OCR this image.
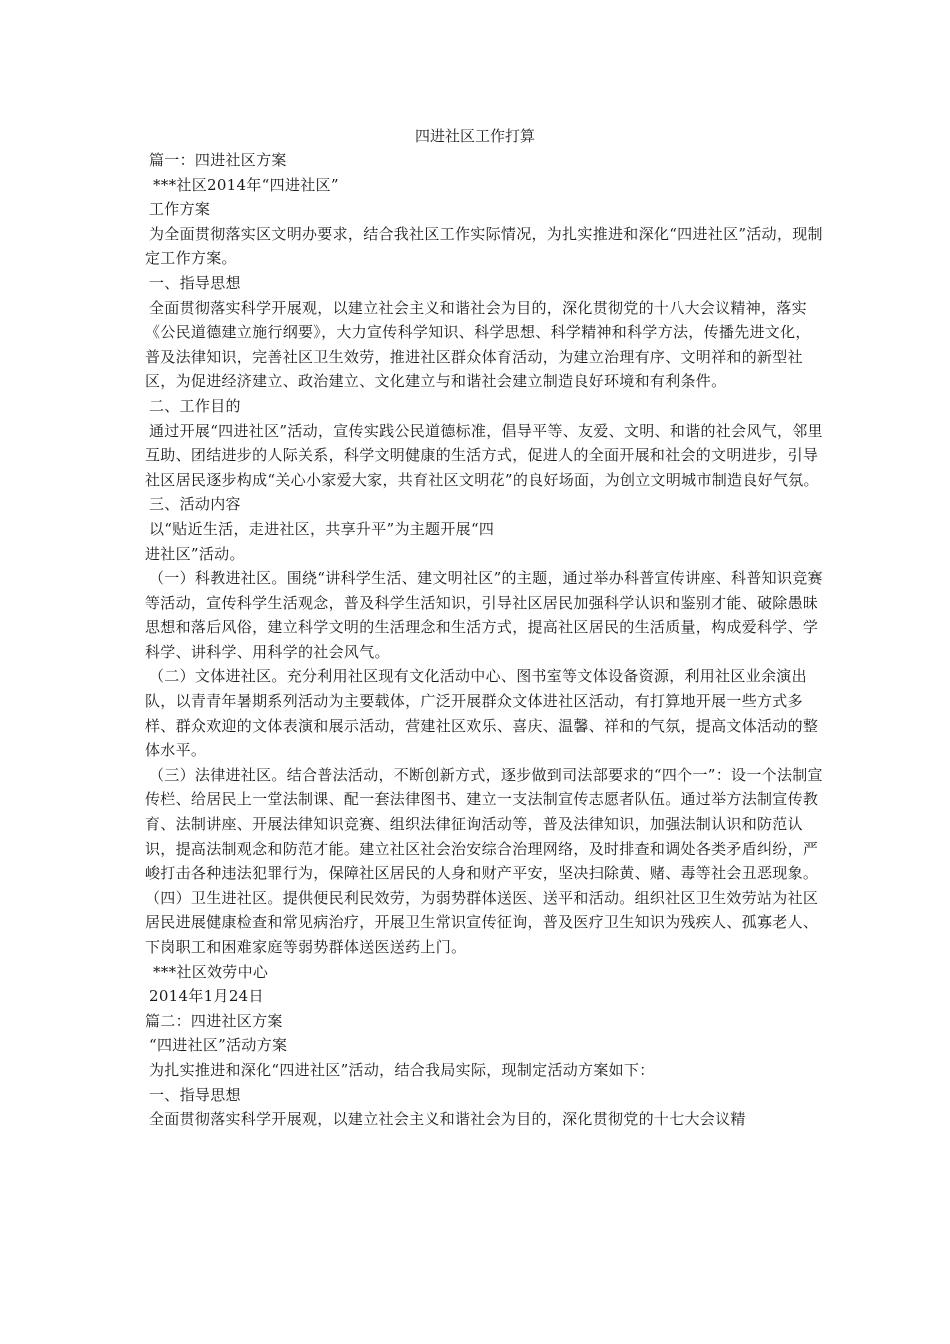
四进社区工作打算

篇一：四进社区方案

***社区2014年“四进社区”

工作方案

为全面贯彻落实区文明办要求，结合我社区工作实际情况，为扎实推进和深化“四进社区”活动，现制定工作方案。

一、指导思想

全面贯彻落实科学开展观，以建立社会主义和谐社会为目的，深化贯彻党的十八大会议精神，落实《公民道德建立施行纲要》，大力宣传科学知识、科学思想、科学精神和科学方法，传播先进文化，普及法律知识，完善社区卫生效劳，推进社区群众体育活动，为建立治理有序、文明祥和的新型社区，为促进经济建立、政治建立、文化建立与和谐社会建立制造良好环境和有利条件。

二、工作目的

通过开展“四进社区”活动，宣传实践公民道德标准，倡导平等、友爱、文明、和谐的社会风气，邻里互助、团结进步的人际关系，科学文明健康的生活方式，促进人的全面开展和社会的文明进步，引导社区居民逐步构成“关心小家爱大家，共育社区文明花”的良好场面，为创立文明城市制造良好气氛。

三、活动内容

以“贴近生活，走进社区，共享升平”为主题开展“四

进社区”活动。

（一）科教进社区。围绕“讲科学生活、建文明社区”的主题，通过举办科普宣传讲座、科普知识竞赛等活动，宣传科学生活观念，普及科学生活知识，引导社区居民加强科学认识和鉴别才能、破除愚昧思想和落后风俗，建立科学文明的生活理念和生活方式，提高社区居民的生活质量，构成爱科学、学科学、讲科学、用科学的社会风气。

（二）文体进社区。充分利用社区现有文化活动中心、图书室等文体设备资源，利用社区业余演出队，以青青年暑期系列活动为主要载体，广泛开展群众文体进社区活动，有打算地开展一些方式多样、群众欢迎的文体表演和展示活动，营建社区欢乐、喜庆、温馨、祥和的气氛，提高文体活动的整体水平。

（三）法律进社区。结合普法活动，不断创新方式，逐步做到司法部要求的“四个一”：设一个法制宣传栏、给居民上一堂法制课、配一套法律图书、建立一支法制宣传志愿者队伍。通过举方法制宣传教育、法制讲座、开展法律知识竞赛、组织法律征询活动等，普及法律知识，加强法制认识和防范认识，提高法制观念和防范才能。建立社区社会治安综合治理网络，及时排查和调处各类矛盾纠纷，严峻打击各种违法犯罪行为，保障社区居民的人身和财产平安，坚决扫除黄、赌、毒等社会丑恶现象。

（四）卫生进社区。提供便民利民效劳，为弱势群体送医、送平和活动。组织社区卫生效劳站为社区居民进展健康检查和常见病治疗，开展卫生常识宣传征询，普及医疗卫生知识为残疾人、孤寡老人、下岗职工和困难家庭等弱势群体送医送药上门。

***社区效劳中心

2014年1月24日

篇二：四进社区方案

“四进社区”活动方案

为扎实推进和深化“四进社区”活动，结合我局实际，现制定活动方案如下：

一、指导思想

全面贯彻落实科学开展观，以建立社会主义和谐社会为目的，深化贯彻党的十七大会议精
